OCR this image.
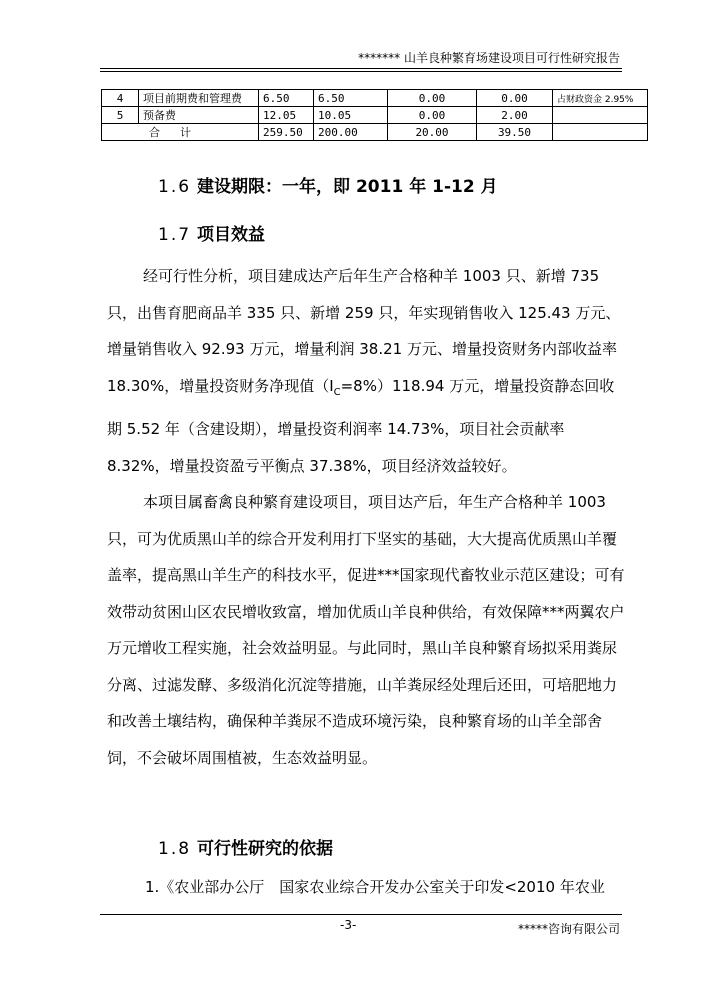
******* 山羊良种繁育场建设项目可行性研究报告
4	项目前期费和管理费	6.50	6.50	0.00	0.00	占财政资金 2.95%
5	预备费	12.05	10.05	0.00	2.00	
合计		259.50	200.00	20.00	39.50	
1.6 建设期限：一年，即 2011 年 1-12 月
1.7 项目效益

经可行性分析，项目建成达产后年生产合格种羊 1003 只、新增 735 只，出售育肥商品羊 335 只、新增 259 只，年实现销售收入 125.43 万元、增量销售收入 92.93 万元，增量利润 38.21 万元、增量投资财务内部收益率 18.30%，增量投资财务净现值$(I_C=8\%)118.94$ 万元，增量投资静态回收期 5.52 年（含建设期），增量投资利润率 14.73%，项目社会贡献率 8.32%，增量投资盈亏平衡点 37.38%，项目经济效益较好。

本项目属畜禽良种繁育建设项目，项目达产后，年生产合格种羊 1003 只，可为优质黑山羊的综合开发利用打下坚实的基础，大大提高优质黑山羊覆盖率，提高黑山羊生产的科技水平，促进***国家现代畜牧业示范区建设；可有效带动贫困山区农民增收致富，增加优质山羊良种供给，有效保障***两翼农户万元增收工程实施，社会效益明显。与此同时，黑山羊良种繁育场拟采用粪尿分离、过滤发酵、多级消化沉淀等措施，山羊粪尿经处理后还田，可培肥地力和改善土壤结构，确保种羊粪尿不造成环境污染，良种繁育场的山羊全部舍饲，不会破坏周围植被，生态效益明显。

1.8 可行性研究的依据
1.《农业部办公厅　国家农业综合开发办公室关于印发<2010 年农业
-3-	*****咨询有限公司
